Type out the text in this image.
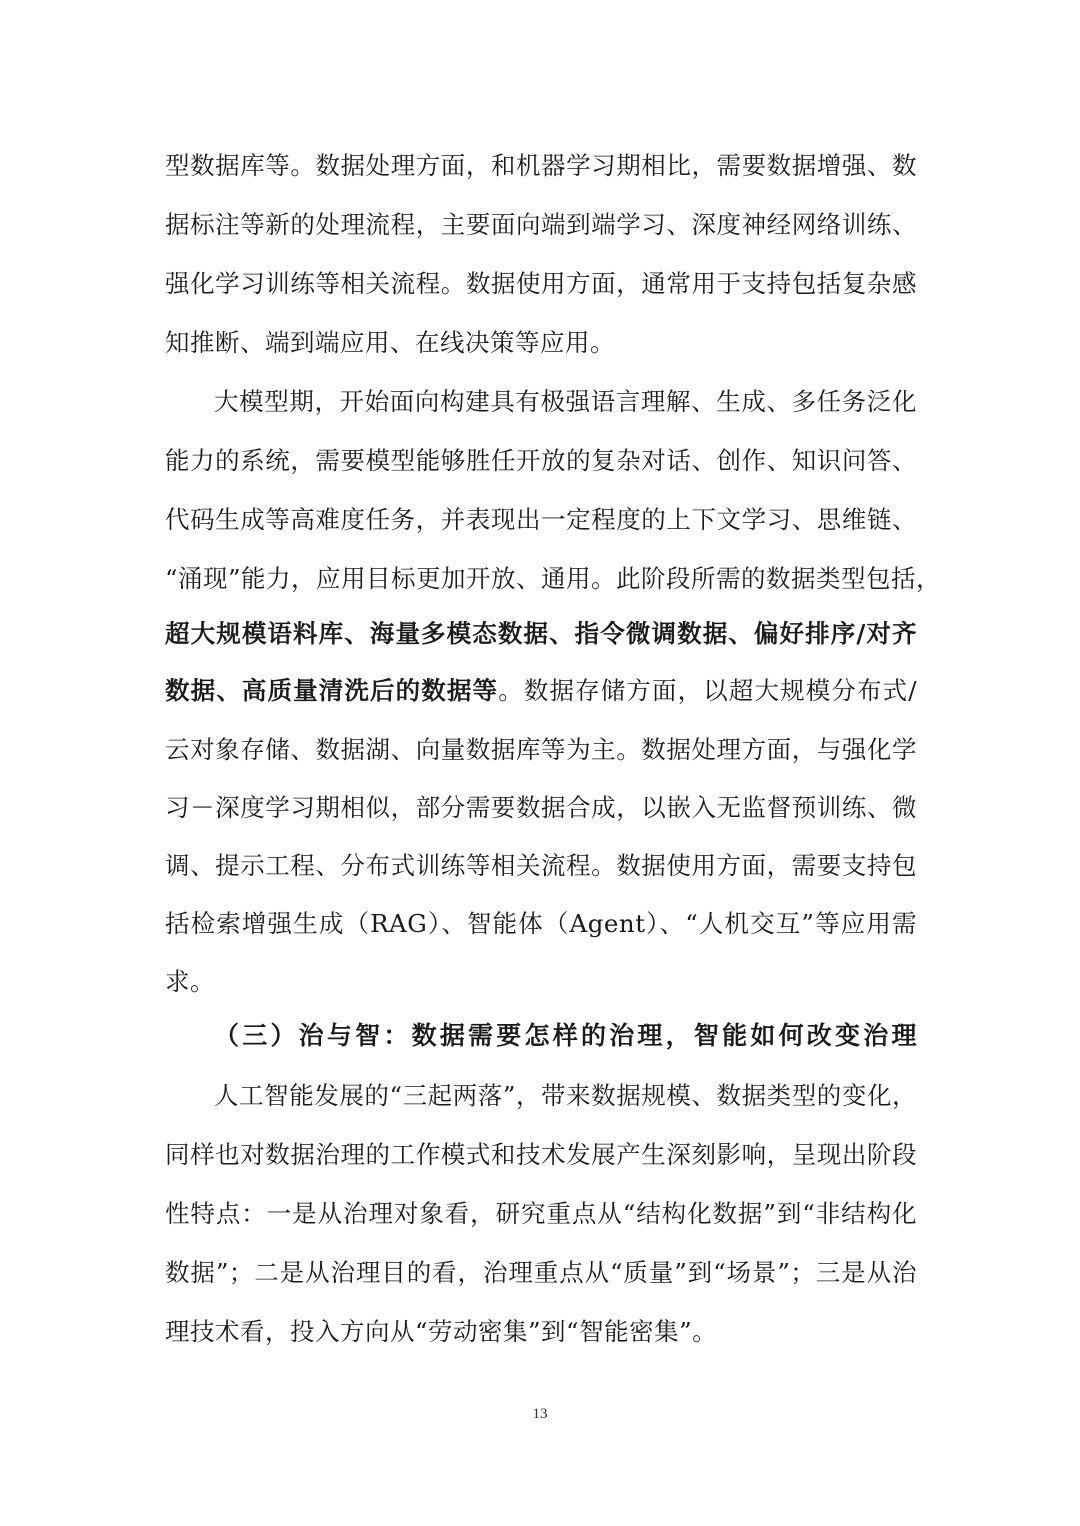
型数据库等。数据处理方面，和机器学习期相比，需要数据增强、数
据标注等新的处理流程，主要面向端到端学习、深度神经网络训练、
强化学习训练等相关流程。数据使用方面，通常用于支持包括复杂感
知推断、端到端应用、在线决策等应用。
大模型期，开始面向构建具有极强语言理解、生成、多任务泛化
能力的系统，需要模型能够胜任开放的复杂对话、创作、知识问答、
代码生成等高难度任务，并表现出一定程度的上下文学习、思维链、
“涌现”能力，应用目标更加开放、通用。此阶段所需的数据类型包括，
超大规模语料库、海量多模态数据、指令微调数据、偏好排序/对齐
数据、高质量清洗后的数据等。数据存储方面，以超大规模分布式/
云对象存储、数据湖、向量数据库等为主。数据处理方面，与强化学
习－深度学习期相似，部分需要数据合成，以嵌入无监督预训练、微
调、提示工程、分布式训练等相关流程。数据使用方面，需要支持包
括检索增强生成（RAG）、智能体（Agent）、“人机交互”等应用需
求。
（三）治与智：数据需要怎样的治理，智能如何改变治理
人工智能发展的“三起两落”，带来数据规模、数据类型的变化，
同样也对数据治理的工作模式和技术发展产生深刻影响，呈现出阶段
性特点：一是从治理对象看，研究重点从“结构化数据”到“非结构化
数据”；二是从治理目的看，治理重点从“质量”到“场景”；三是从治
理技术看，投入方向从“劳动密集”到“智能密集”。
13
